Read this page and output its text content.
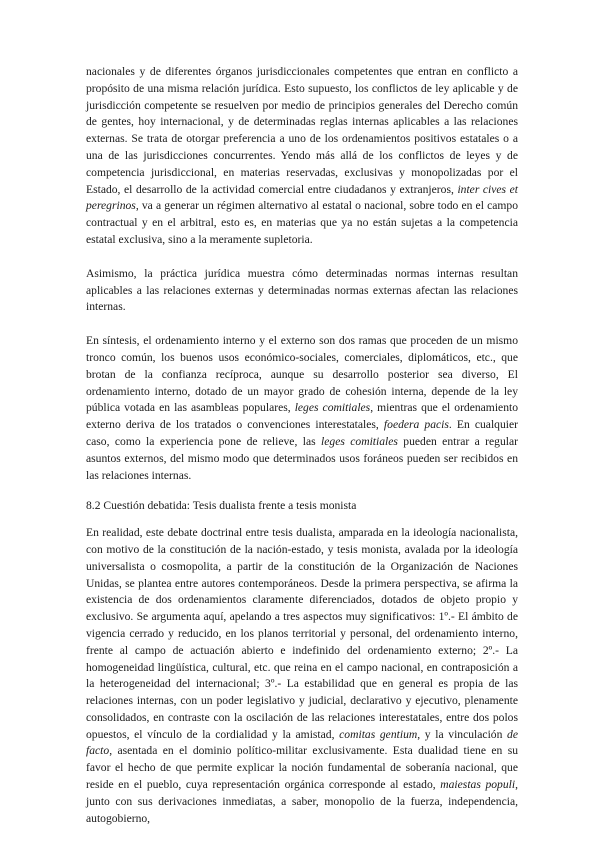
nacionales y de diferentes órganos jurisdiccionales competentes que entran en conflicto a propósito de una misma relación jurídica. Esto supuesto, los conflictos de ley aplicable y de jurisdicción competente se resuelven por medio de principios generales del Derecho común de gentes, hoy internacional, y de determinadas reglas internas aplicables a las relaciones externas. Se trata de otorgar preferencia a uno de los ordenamientos positivos estatales o a una de las jurisdicciones concurrentes. Yendo más allá de los conflictos de leyes y de competencia jurisdiccional, en materias reservadas, exclusivas y monopolizadas por el Estado, el desarrollo de la actividad comercial entre ciudadanos y extranjeros, inter cives et peregrinos, va a generar un régimen alternativo al estatal o nacional, sobre todo en el campo contractual y en el arbitral, esto es, en materias que ya no están sujetas a la competencia estatal exclusiva, sino a la meramente supletoria.

Asimismo, la práctica jurídica muestra cómo determinadas normas internas resultan aplicables a las relaciones externas y determinadas normas externas afectan las relaciones internas.

En síntesis, el ordenamiento interno y el externo son dos ramas que proceden de un mismo tronco común, los buenos usos económico-sociales, comerciales, diplomáticos, etc., que brotan de la confianza recíproca, aunque su desarrollo posterior sea diverso, El ordenamiento interno, dotado de un mayor grado de cohesión interna, depende de la ley pública votada en las asambleas populares, leges comitiales, mientras que el ordenamiento externo deriva de los tratados o convenciones interestatales, foedera pacis. En cualquier caso, como la experiencia pone de relieve, las leges comitiales pueden entrar a regular asuntos externos, del mismo modo que determinados usos foráneos pueden ser recibidos en las relaciones internas.

8.2 Cuestión debatida: Tesis dualista frente a tesis monista

En realidad, este debate doctrinal entre tesis dualista, amparada en la ideología nacionalista, con motivo de la constitución de la nación-estado, y tesis monista, avalada por la ideología universalista o cosmopolita, a partir de la constitución de la Organización de Naciones Unidas, se plantea entre autores contemporáneos. Desde la primera perspectiva, se afirma la existencia de dos ordenamientos claramente diferenciados, dotados de objeto propio y exclusivo. Se argumenta aquí, apelando a tres aspectos muy significativos: 1º.- El ámbito de vigencia cerrado y reducido, en los planos territorial y personal, del ordenamiento interno, frente al campo de actuación abierto e indefinido del ordenamiento externo; 2º.- La homogeneidad lingüística, cultural, etc. que reina en el campo nacional, en contraposición a la heterogeneidad del internacional; 3º.- La estabilidad que en general es propia de las relaciones internas, con un poder legislativo y judicial, declarativo y ejecutivo, plenamente consolidados, en contraste con la oscilación de las relaciones interestatales, entre dos polos opuestos, el vínculo de la cordialidad y la amistad, comitas gentium, y la vinculación de facto, asentada en el dominio político-militar exclusivamente. Esta dualidad tiene en su favor el hecho de que permite explicar la noción fundamental de soberanía nacional, que reside en el pueblo, cuya representación orgánica corresponde al estado, maiestas populi, junto con sus derivaciones inmediatas, a saber, monopolio de la fuerza, independencia, autogobierno,
